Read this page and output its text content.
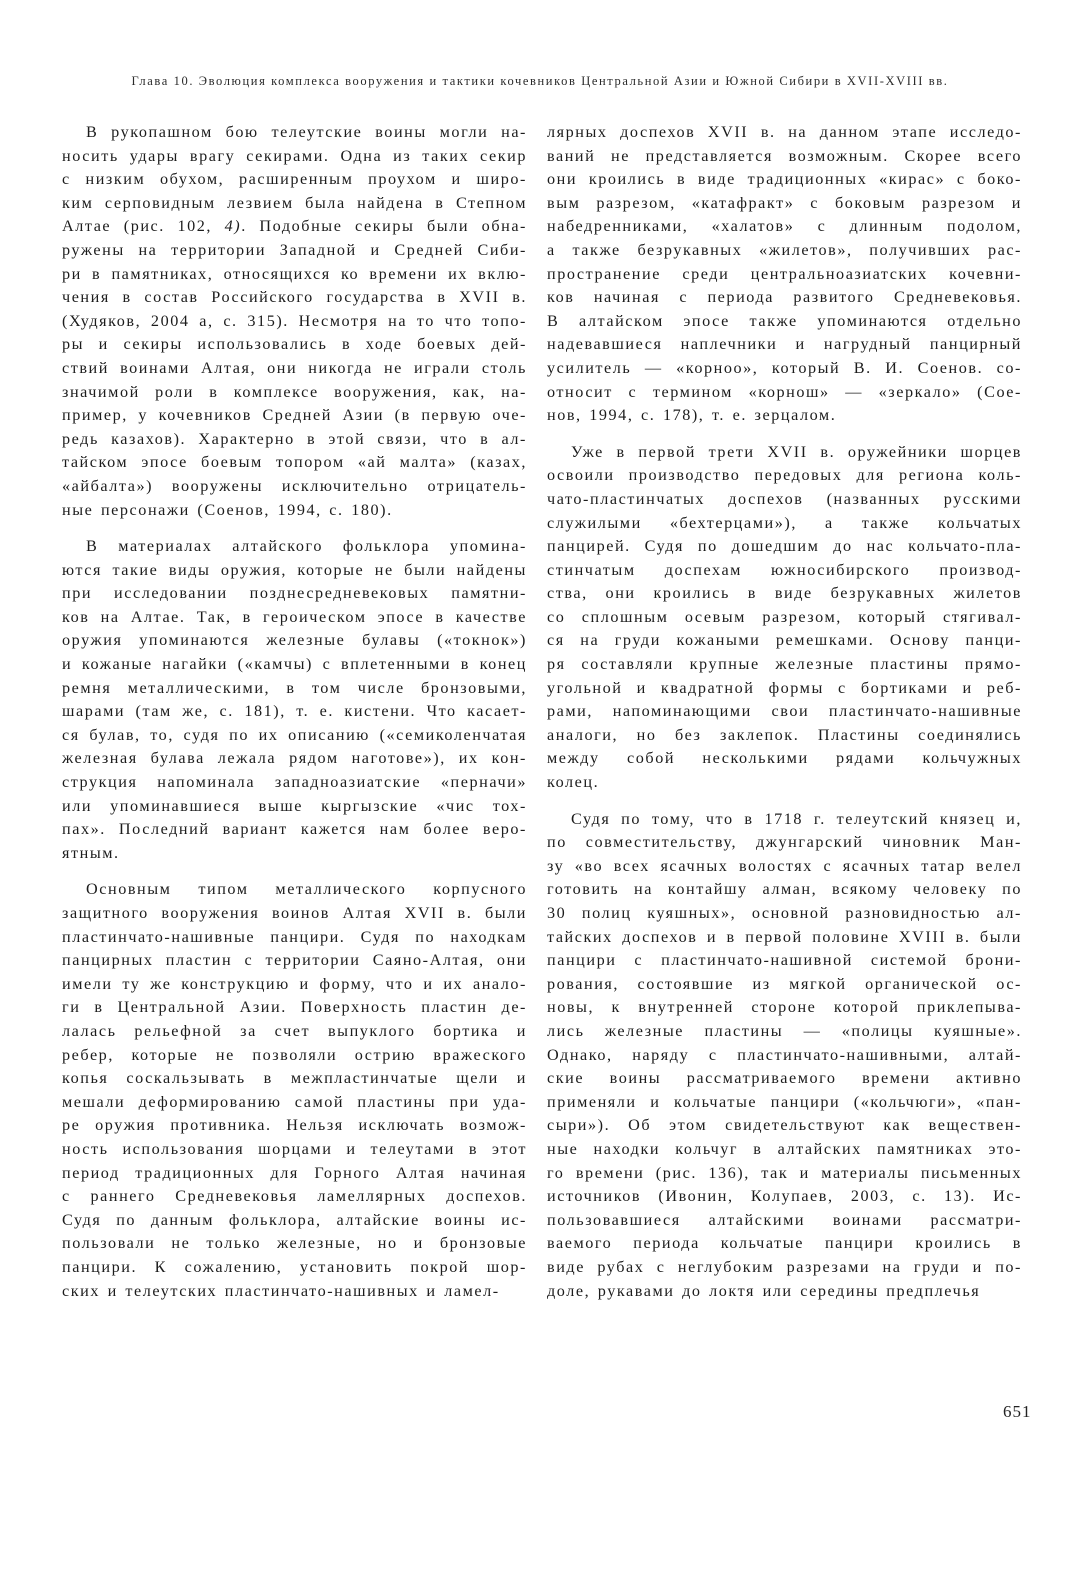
Глава 10. Эволюция комплекса вооружения и тактики кочевников Центральной Азии и Южной Сибири в XVII-XVIII вв.
В рукопашном бою телеутские воины могли на-
носить удары врагу секирами. Одна из таких секир
с низким обухом, расширенным проухом и широ-
ким серповидным лезвием была найдена в Степном
Алтае (рис. 102, 4). Подобные секиры были обна-
ружены на территории Западной и Средней Сиби-
ри в памятниках, относящихся ко времени их вклю-
чения в состав Российского государства в XVII в.
(Худяков, 2004 а, с. 315). Несмотря на то что топо-
ры и секиры использовались в ходе боевых дей-
ствий воинами Алтая, они никогда не играли столь
значимой роли в комплексе вооружения, как, на-
пример, у кочевников Средней Азии (в первую оче-
редь казахов). Характерно в этой связи, что в ал-
тайском эпосе боевым топором «ай малта» (казах,
«айбалта») вооружены исключительно отрицатель-
ные персонажи (Соенов, 1994, с. 180).
В материалах алтайского фольклора упомина-
ются такие виды оружия, которые не были найдены
при исследовании позднесредневековых памятни-
ков на Алтае. Так, в героическом эпосе в качестве
оружия упоминаются железные булавы («токнок»)
и кожаные нагайки («камчы) с вплетенными в конец
ремня металлическими, в том числе бронзовыми,
шарами (там же, с. 181), т. е. кистени. Что касает-
ся булав, то, судя по их описанию («семиколенчатая
железная булава лежала рядом наготове»), их кон-
струкция напоминала западноазиатские «перначи»
или упоминавшиеся выше кыргызские «чис тох-
пах». Последний вариант кажется нам более веро-
ятным.
Основным типом металлического корпусного
защитного вооружения воинов Алтая XVII в. были
пластинчато-нашивные панцири. Судя по находкам
панцирных пластин с территории Саяно-Алтая, они
имели ту же конструкцию и форму, что и их анало-
ги в Центральной Азии. Поверхность пластин де-
лалась рельефной за счет выпуклого бортика и
ребер, которые не позволяли острию вражеского
копья соскальзывать в межпластинчатые щели и
мешали деформированию самой пластины при уда-
ре оружия противника. Нельзя исключать возмож-
ность использования шорцами и телеутами в этот
период традиционных для Горного Алтая начиная
с раннего Средневековья ламеллярных доспехов.
Судя по данным фольклора, алтайские воины ис-
пользовали не только железные, но и бронзовые
панцири. К сожалению, установить покрой шор-
ских и телеутских пластинчато-нашивных и ламел-
лярных доспехов XVII в. на данном этапе исследо-
ваний не представляется возможным. Скорее всего
они кроились в виде традиционных «кирас» с боко-
вым разрезом, «катафракт» с боковым разрезом и
набедренниками, «халатов» с длинным подолом,
а также безрукавных «жилетов», получивших рас-
пространение среди центральноазиатских кочевни-
ков начиная с периода развитого Средневековья.
В алтайском эпосе также упоминаются отдельно
надевавшиеся наплечники и нагрудный панцирный
усилитель — «корноо», который В. И. Соенов. со-
относит с термином «корнош» — «зеркало» (Сое-
нов, 1994, с. 178), т. е. зерцалом.
Уже в первой трети XVII в. оружейники шорцев
освоили производство передовых для региона коль-
чато-пластинчатых доспехов (названных русскими
служилыми «бехтерцами»), а также кольчатых
панцирей. Судя по дошедшим до нас кольчато-пла-
стинчатым доспехам южносибирского производ-
ства, они кроились в виде безрукавных жилетов
со сплошным осевым разрезом, который стягивал-
ся на груди кожаными ремешками. Основу панци-
ря составляли крупные железные пластины прямо-
угольной и квадратной формы с бортиками и реб-
рами, напоминающими свои пластинчато-нашивные
аналоги, но без заклепок. Пластины соединялись
между собой несколькими рядами кольчужных
колец.
Судя по тому, что в 1718 г. телеутский князец и,
по совместительству, джунгарский чиновник Ман-
зу «во всех ясачных волостях с ясачных татар велел
готовить на контайшу алман, всякому человеку по
30 полиц куяшных», основной разновидностью ал-
тайских доспехов и в первой половине XVIII в. были
панцири с пластинчато-нашивной системой брони-
рования, состоявшие из мягкой органической ос-
новы, к внутренней стороне которой приклепыва-
лись железные пластины — «полицы куяшные».
Однако, наряду с пластинчато-нашивными, алтай-
ские воины рассматриваемого времени активно
применяли и кольчатые панцири («кольчюги», «пан-
сыри»). Об этом свидетельствуют как веществен-
ные находки кольчуг в алтайских памятниках это-
го времени (рис. 136), так и материалы письменных
источников (Ивонин, Колупаев, 2003, с. 13). Ис-
пользовавшиеся алтайскими воинами рассматри-
ваемого периода кольчатые панцири кроились в
виде рубах с неглубоким разрезами на груди и по-
доле, рукавами до локтя или середины предплечья
651
